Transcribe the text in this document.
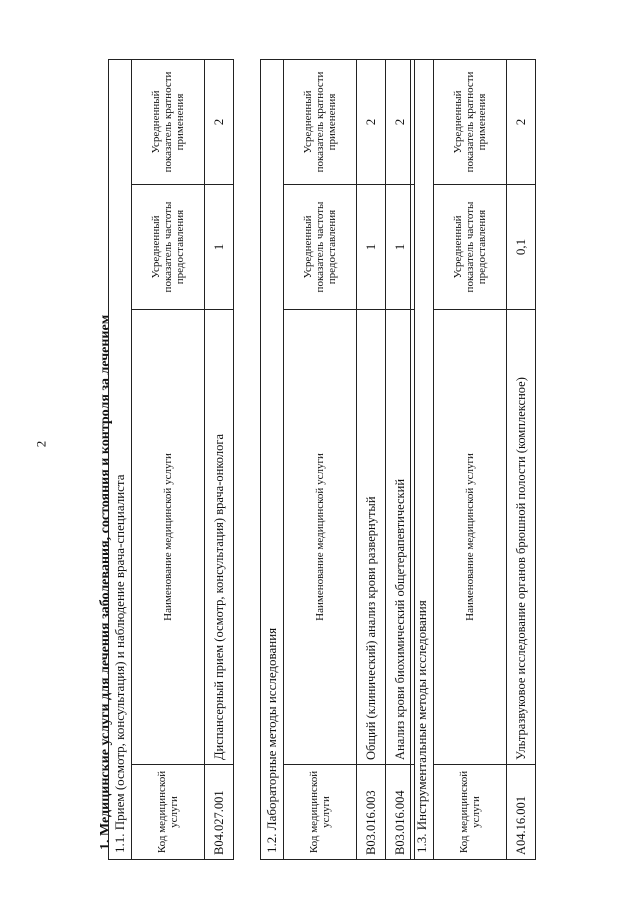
2	1. Медицинские услуги для лечения заболевания, состояния и контроля за лечением 1.1. Прием (осмотр, консультация) и наблюдение врача-специалиста			
Код медицинской услуги	Наименование медицинской услуги	Усредненный показатель частоты предоставления	Усредненный показатель кратности применения
B04.027.001	Диспансерный прием (осмотр, консультация) врача-онколога	1	2
1.2. Лабораторные методы исследования			
Код медицинской услуги	Наименование медицинской услуги	Усредненный показатель частоты предоставления	Усредненный показатель кратности применения
B03.016.003	Общий (клинический) анализ крови развернутый	1	2
B03.016.004	Анализ крови биохимический общетерапевтический	1	2
1.3. Инструментальные методы исследования			
Код медицинской услуги	Наименование медицинской услуги	Усредненный показатель частоты предоставления	Усредненный показатель кратности применения
A04.16.001	Ультразвуковое исследование органов брюшной полости (комплексное)	0,1	2
